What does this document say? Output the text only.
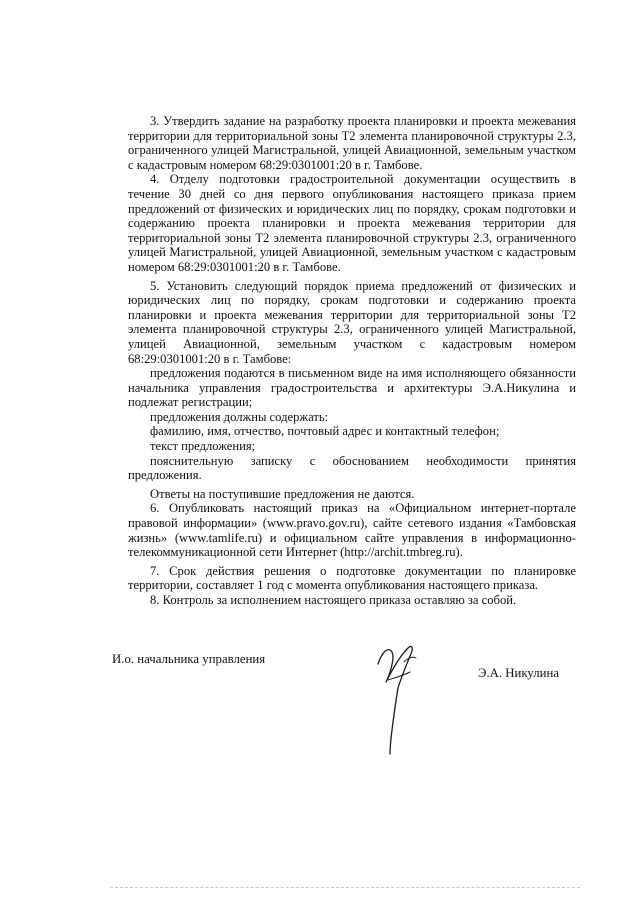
3. Утвердить задание на разработку проекта планировки и проекта межевания территории для территориальной зоны Т2 элемента планировочной структуры 2.3, ограниченного улицей Магистральной, улицей Авиационной, земельным участком с кадастровым номером 68:29:0301001:20 в г. Тамбове.

4. Отделу подготовки градостроительной документации осуществить в течение 30 дней со дня первого опубликования настоящего приказа прием предложений от физических и юридических лиц по порядку, срокам подготовки и содержанию проекта планировки и проекта межевания территории для территориальной зоны Т2 элемента планировочной структуры 2.3, ограниченного улицей Магистральной, улицей Авиационной, земельным участком с кадастровым номером 68:29:0301001:20 в г. Тамбове.

5. Установить следующий порядок приема предложений от физических и юридических лиц по порядку, срокам подготовки и содержанию проекта планировки и проекта межевания территории для территориальной зоны Т2 элемента планировочной структуры 2.3, ограниченного улицей Магистральной, улицей Авиационной, земельным участком с кадастровым номером 68:29:0301001:20 в г. Тамбове:

предложения подаются в письменном виде на имя исполняющего обязанности начальника управления градостроительства и архитектуры Э.А.Никулина и подлежат регистрации;

предложения должны содержать:

фамилию, имя, отчество, почтовый адрес и контактный телефон;

текст предложения;

пояснительную записку с обоснованием необходимости принятия предложения.

Ответы на поступившие предложения не даются.

6. Опубликовать настоящий приказ на «Официальном интернет-портале правовой информации» (www.pravo.gov.ru), сайте сетевого издания «Тамбовская жизнь» (www.tamlife.ru) и официальном сайте управления в информационно-телекоммуникационной сети Интернет (http://archit.tmbreg.ru).

7. Срок действия решения о подготовке документации по планировке территории, составляет 1 год с момента опубликования настоящего приказа.

8. Контроль за исполнением настоящего приказа оставляю за собой.

И.о. начальника управления
Э.А. Никулина
